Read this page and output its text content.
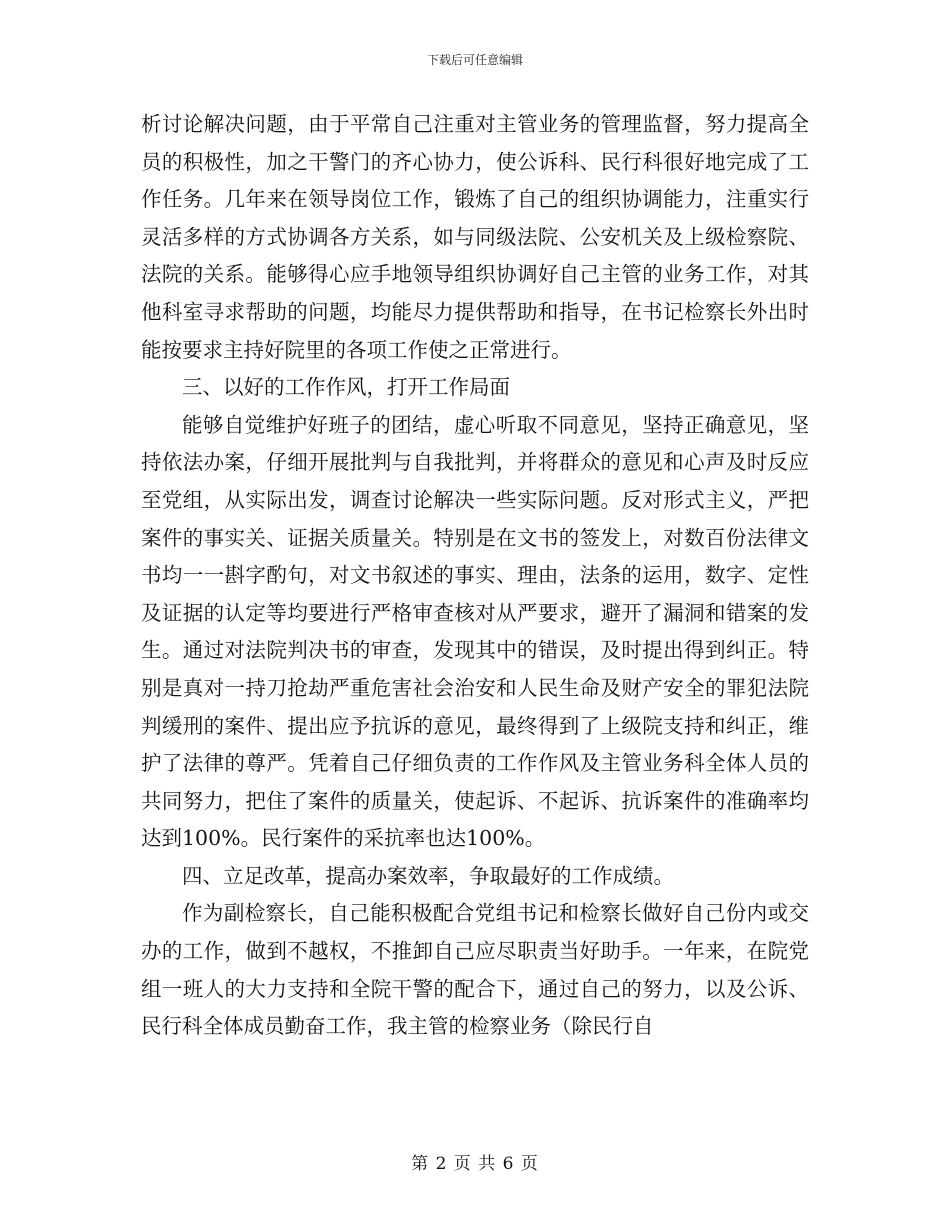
下载后可任意编辑

析讨论解决问题，由于平常自己注重对主管业务的管理监督，努力提高全员的积极性，加之干警门的齐心协力，使公诉科、民行科很好地完成了工作任务。几年来在领导岗位工作，锻炼了自己的组织协调能力，注重实行灵活多样的方式协调各方关系，如与同级法院、公安机关及上级检察院、法院的关系。能够得心应手地领导组织协调好自己主管的业务工作，对其他科室寻求帮助的问题，均能尽力提供帮助和指导，在书记检察长外出时能按要求主持好院里的各项工作使之正常进行。

三、以好的工作作风，打开工作局面

能够自觉维护好班子的团结，虚心听取不同意见，坚持正确意见，坚持依法办案，仔细开展批判与自我批判，并将群众的意见和心声及时反应至党组，从实际出发，调查讨论解决一些实际问题。反对形式主义，严把案件的事实关、证据关质量关。特别是在文书的签发上，对数百份法律文书均一一斟字酌句，对文书叙述的事实、理由，法条的运用，数字、定性及证据的认定等均要进行严格审查核对从严要求，避开了漏洞和错案的发生。通过对法院判决书的审查，发现其中的错误，及时提出得到纠正。特别是真对一持刀抢劫严重危害社会治安和人民生命及财产安全的罪犯法院判缓刑的案件、提出应予抗诉的意见，最终得到了上级院支持和纠正，维护了法律的尊严。凭着自己仔细负责的工作作风及主管业务科全体人员的共同努力，把住了案件的质量关，使起诉、不起诉、抗诉案件的准确率均达到100%。民行案件的采抗率也达100%。

四、立足改革，提高办案效率，争取最好的工作成绩。

作为副检察长，自己能积极配合党组书记和检察长做好自己份内或交办的工作，做到不越权，不推卸自己应尽职责当好助手。一年来，在院党组一班人的大力支持和全院干警的配合下，通过自己的努力，以及公诉、民行科全体成员勤奋工作，我主管的检察业务（除民行自

第 2 页 共 6 页
